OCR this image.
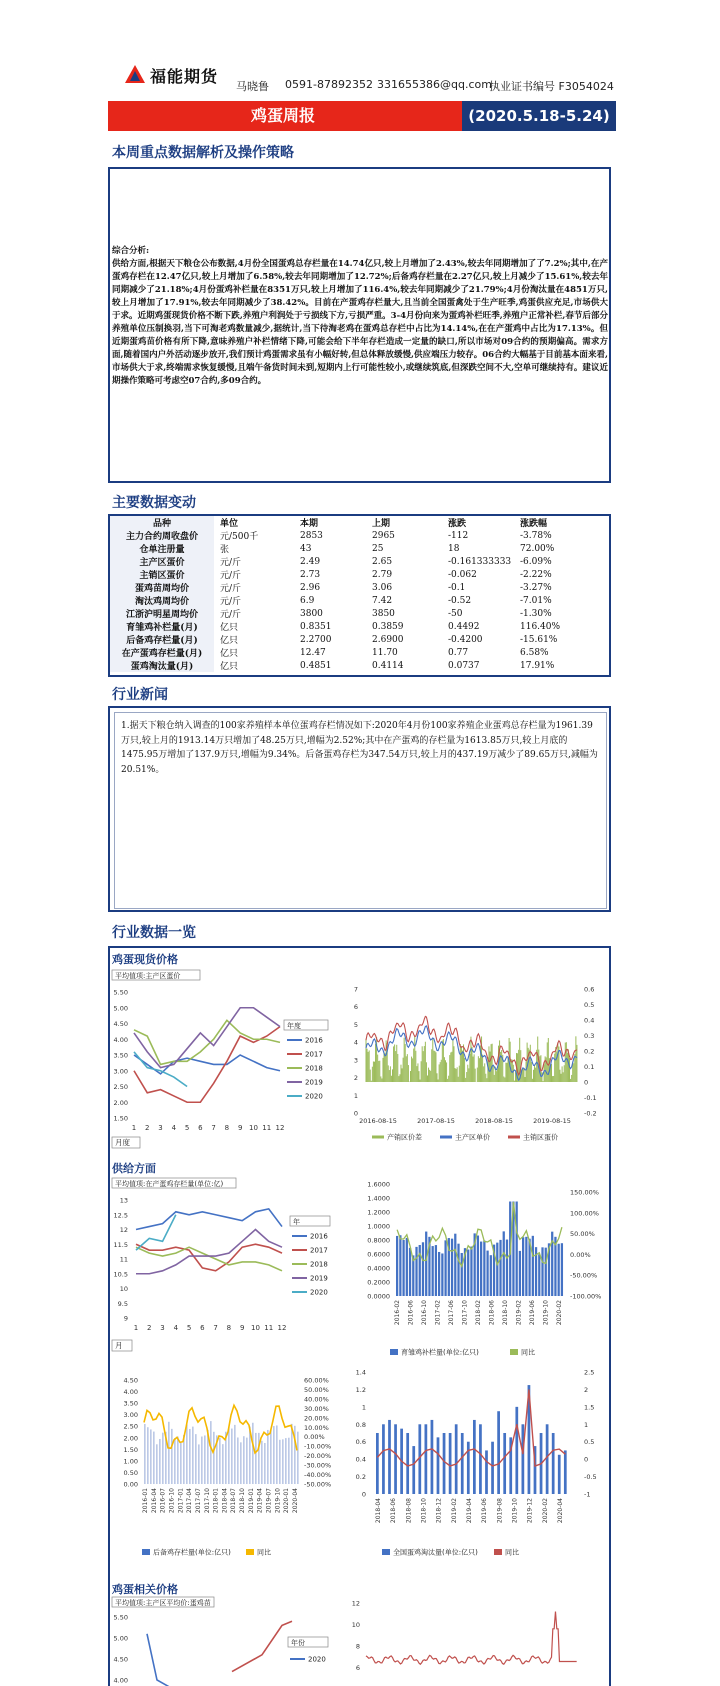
福能期货
马晓鲁 0591-87892352 331655386@qq.com
执业证书编号 F3054024
鸡蛋周报	(2020.5.18-5.24)
本周重点数据解析及操作策略
综合分析:
供给方面,根据天下粮仓公布数据,4月份全国蛋鸡总存栏量在14.74亿只,较上月增加了2.43%,较去年同期增加了了7.2%;其中,在产蛋鸡存栏在12.47亿只,较上月增加了6.58%,较去年同期增加了12.72%;后备鸡存栏量在2.27亿只,较上月减少了15.61%,较去年同期减少了21.18%;4月份蛋鸡补栏量在8351万只,较上月增加了116.4%,较去年同期减少了21.79%;4月份淘汰量在4851万只,较上月增加了17.91%,较去年同期减少了38.42%。目前在产蛋鸡存栏量大,且当前全国蛋禽处于生产旺季,鸡蛋供应充足,市场供大于求。近期鸡蛋现货价格不断下跌,养殖户利润处于亏损线下方,亏损严重。3-4月份向来为蛋鸡补栏旺季,养殖户正常补栏,春节后部分养殖单位压制换羽,当下可淘老鸡数量减少,据统计,当下待淘老鸡在蛋鸡总存栏中占比为14.14%,在在产蛋鸡中占比为17.13%。但近期蛋鸡苗价格有所下降,意味养殖户补栏情绪下降,可能会给下半年存栏造成一定量的缺口,所以市场对09合约的预期偏高。需求方面,随着国内户外活动逐步放开,我们预计鸡蛋需求虽有小幅好转,但总体释放缓慢,供应端压力较存。06合约大幅基于目前基本面来看,市场供大于求,终端需求恢复缓慢,且端午备货时间未到,短期内上行可能性较小,或继续筑底,但深跌空间不大,空单可继续持有。建议近期操作策略可考虑空07合约,多09合约。
主要数据变动
品种	单位	本期	上期	涨跌	涨跌幅
主力合约周收盘价	元/500千	2853	2965	-112	-3.78%
仓单注册量	张	43	25	18	72.00%
主产区蛋价	元/斤	2.49	2.65	-0.161333333	-6.09%
主销区蛋价	元/斤	2.73	2.79	-0.062	-2.22%
蛋鸡苗周均价	元/斤	2.96	3.06	-0.1	-3.27%
淘汰鸡周均价	元/斤	6.9	7.42	-0.52	-7.01%
江浙沪明星周均价	元/斤	3800	3850	-50	-1.30%
育雏鸡补栏量(月)	亿只	0.8351	0.3859	0.4492	116.40%
后备鸡存栏量(月)	亿只	2.2700	2.6900	-0.4200	-15.61%
在产蛋鸡存栏量(月)	亿只	12.47	11.70	0.77	6.58%
蛋鸡淘汰量(月)	亿只	0.4851	0.4114	0.0737	17.91%
行业新闻
1.据天下粮仓纳入调查的100家养殖样本单位蛋鸡存栏情况如下:2020年4月份100家养殖企业蛋鸡总存栏量为1961.39万只,较上月的1913.14万只增加了48.25万只,增幅为2.52%;其中在产蛋鸡的存栏量为1613.85万只,较上月底的1475.95万增加了137.9万只,增幅为9.34%。后备蛋鸡存栏为347.54万只,较上月的437.19万减少了89.65万只,减幅为20.51%。
行业数据一览
鸡蛋现货价格
供给方面
鸡蛋相关价格
平均值项:主产区蛋价
5.50
5.00
4.50
4.00
3.50
3.00
2.50
2.00
1.50
1 2 3 4 5 6 7 8 9 10 11 12
年度
2016
2017
2018
2019
2020
月度
7
6
5
4
3
2
1
0
0.6
0.5
0.4
0.3
0.2
0.1
0
-0.1
-0.2
2016-08-15	2017-08-15	2018-08-15	2019-08-15
产销区价差	主产区单价	主销区蛋价
平均值项:在产蛋鸡存栏量(单位:亿)
13
12.5
12
11.5
11
10.5
10
9.5
9
1 2 3 4 5 6 7 8 9 10 11 12
年
2016
2017
2018
2019
2020
月
1.6000
1.4000
1.2000
1.0000
0.8000
0.6000
0.4000
0.2000
0.0000
150.00%
100.00%
50.00%
0.00%
-50.00%
-100.00%
2016-02 2016-06 2016-10 2017-02 2017-06 2017-10 2018-02 2018-06 2018-10 2019-02 2019-06 2019-10 2020-02
育雏鸡补栏量(单位:亿只)	同比
4.50
4.00
3.50
3.00
2.50
2.00
1.50
1.00
0.50
0.00
60.00%
50.00%
40.00%
30.00%
20.00%
10.00%
0.00%
-10.00%
-20.00%
-30.00%
-40.00%
-50.00%
2016-01 2016-04 2016-07 2016-10 2017-01 2017-04 2017-07 2017-10 2018-01 2018-04 2018-07 2018-10 2019-01 2019-04 2019-07 2019-10 2020-01 2020-04
后备鸡存栏量(单位:亿只)	同比
1.4
1.2
1
0.8
0.6
0.4
0.2
0
2.5
2
1.5
1
0.5
0
-0.5
-1
2018-04 2018-06 2018-08 2018-10 2018-12 2019-02 2019-04 2019-06 2019-08 2019-10 2019-12 2020-02 2020-04
全国蛋鸡淘汰量(单位:亿只)	同比
平均值项:主产区平均价:蛋鸡苗
5.50
5.00
4.50
4.00
年份
2020
12
10
8
6
